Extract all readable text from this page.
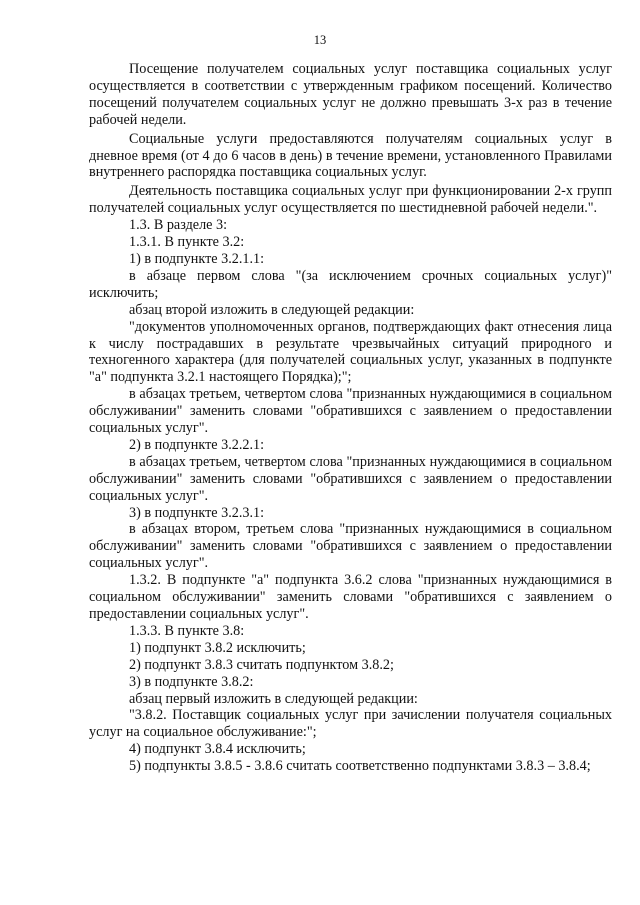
13

Посещение получателем социальных услуг поставщика социальных услуг осуществляется в соответствии с утвержденным графиком посещений. Количество посещений получателем социальных услуг не должно превышать 3-х раз в течение рабочей недели.

Социальные услуги предоставляются получателям социальных услуг в дневное время (от 4 до 6 часов в день) в течение времени, установленного Правилами внутреннего распорядка поставщика социальных услуг.

Деятельность поставщика социальных услуг при функционировании 2-х групп получателей социальных услуг осуществляется по шестидневной рабочей недели.".

1.3. В разделе 3:

1.3.1. В пункте 3.2:

1) в подпункте 3.2.1.1:

в абзаце первом слова "(за исключением срочных социальных услуг)" исключить;

абзац второй изложить в следующей редакции:

"документов уполномоченных органов, подтверждающих факт отнесения лица к числу пострадавших в результате чрезвычайных ситуаций природного и техногенного характера (для получателей социальных услуг, указанных в подпункте "а" подпункта 3.2.1 настоящего Порядка);";

в абзацах третьем, четвертом слова "признанных нуждающимися в социальном обслуживании" заменить словами "обратившихся с заявлением о предоставлении социальных услуг".

2) в подпункте 3.2.2.1:

в абзацах третьем, четвертом слова "признанных нуждающимися в социальном обслуживании" заменить словами "обратившихся с заявлением о предоставлении социальных услуг".

3) в подпункте 3.2.3.1:

в абзацах втором, третьем слова "признанных нуждающимися в социальном обслуживании" заменить словами "обратившихся с заявлением о предоставлении социальных услуг".

1.3.2. В подпункте "а" подпункта 3.6.2 слова "признанных нуждающимися в социальном обслуживании" заменить словами "обратившихся с заявлением о предоставлении социальных услуг".

1.3.3. В пункте 3.8:

1) подпункт 3.8.2 исключить;

2) подпункт 3.8.3 считать подпунктом 3.8.2;

3) в подпункте 3.8.2:

абзац первый изложить в следующей редакции:

"3.8.2. Поставщик социальных услуг при зачислении получателя социальных услуг на социальное обслуживание:";

4) подпункт 3.8.4 исключить;

5) подпункты 3.8.5 - 3.8.6 считать соответственно подпунктами 3.8.3 – 3.8.4;
